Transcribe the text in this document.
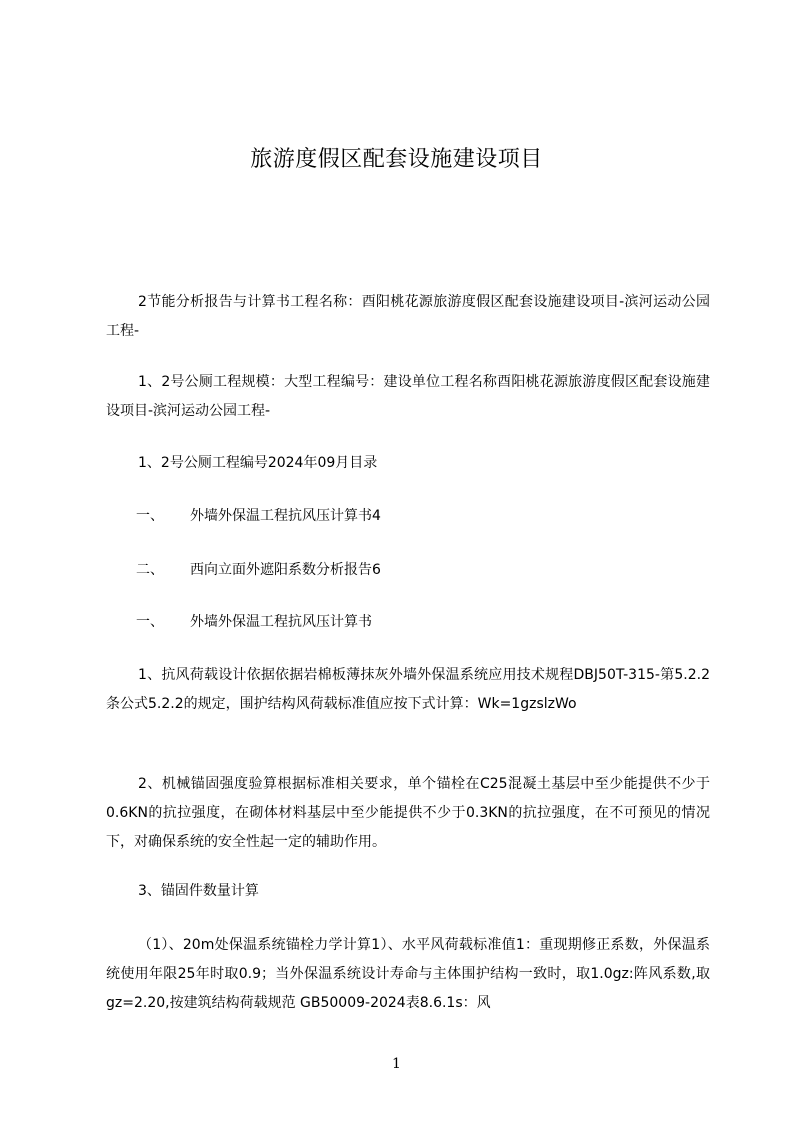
旅游度假区配套设施建设项目
2节能分析报告与计算书工程名称：酉阳桃花源旅游度假区配套设施建设项目-滨河运动公园工程-
1、2号公厕工程规模：大型工程编号：建设单位工程名称酉阳桃花源旅游度假区配套设施建设项目-滨河运动公园工程-
1、2号公厕工程编号2024年09月目录
一、 外墙外保温工程抗风压计算书4
二、 西向立面外遮阳系数分析报告6
一、 外墙外保温工程抗风压计算书
1、抗风荷载设计依据依据岩棉板薄抹灰外墙外保温系统应用技术规程DBJ50T-315-第5.2.2条公式5.2.2的规定，围护结构风荷载标准值应按下式计算：Wk=1gzslzWo
2、机械锚固强度验算根据标准相关要求，单个锚栓在C25混凝土基层中至少能提供不少于0.6KN的抗拉强度，在砌体材料基层中至少能提供不少于0.3KN的抗拉强度，在不可预见的情况下，对确保系统的安全性起一定的辅助作用。
3、锚固件数量计算
（1）、20m处保温系统锚栓力学计算1）、水平风荷载标准值1：重现期修正系数，外保温系统使用年限25年时取0.9；当外保温系统设计寿命与主体围护结构一致时，取1.0gz:阵风系数,取 gz=2.20,按建筑结构荷载规范 GB50009-2024表8.6.1s：风
1
